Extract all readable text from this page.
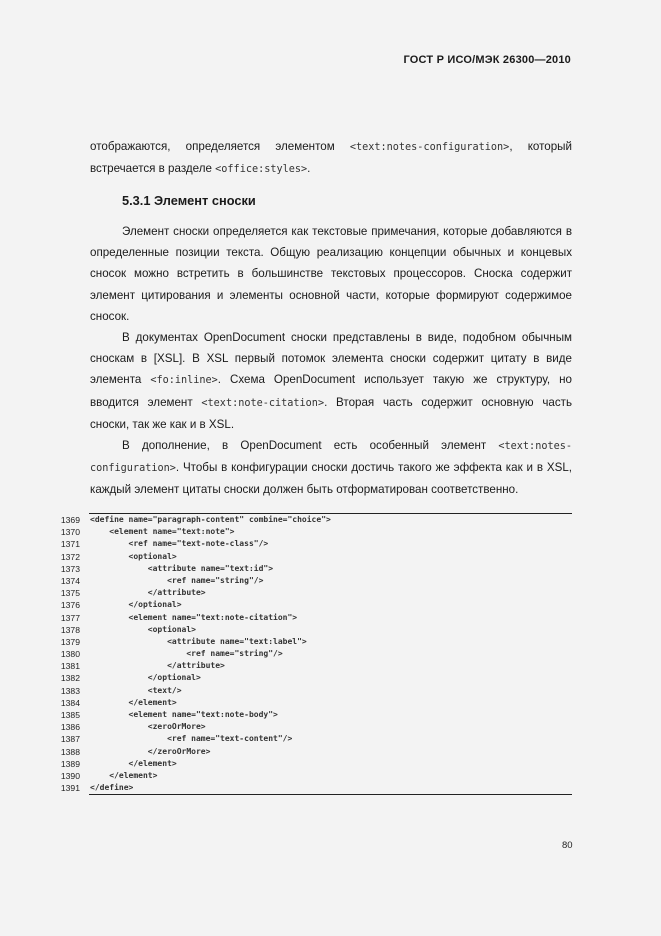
ГОСТ Р ИСО/МЭК 26300—2010

отображаются, определяется элементом <text:notes-configuration>, который встречается в разделе <office:styles>.

5.3.1 Элемент сноски

Элемент сноски определяется как текстовые примечания, которые добавляются в определенные позиции текста. Общую реализацию концепции обычных и концевых сносок можно встретить в большинстве текстовых процессоров. Сноска содержит элемент цитирования и элементы основной части, которые формируют содержимое сносок.

В документах OpenDocument сноски представлены в виде, подобном обычным сноскам в [XSL]. В XSL первый потомок элемента сноски содержит цитату в виде элемента <fo:inline>. Схема OpenDocument использует такую же структуру, но вводится элемент <text:note-citation>. Вторая часть содержит основную часть сноски, так же как и в XSL.

В дополнение, в OpenDocument есть особенный элемент <text:notes-configuration>. Чтобы в конфигурации сноски достичь такого же эффекта как и в XSL, каждый элемент цитаты сноски должен быть отформатирован соответственно.

1369 <define name="paragraph-content" combine="choice">
1370 <element name="text:note">
1371 <ref name="text-note-class"/>
1372 <optional>
1373 <attribute name="text:id">
1374 <ref name="string"/>
1375 </attribute>
1376 </optional>
1377 <element name="text:note-citation">
1378 <optional>
1379 <attribute name="text:label">
1380 <ref name="string"/>
1381 </attribute>
1382 </optional>
1383 <text/>
1384 </element>
1385 <element name="text:note-body">
1386 <zeroOrMore>
1387 <ref name="text-content"/>
1388 </zeroOrMore>
1389 </element>
1390 </element>
1391 </define>
80
